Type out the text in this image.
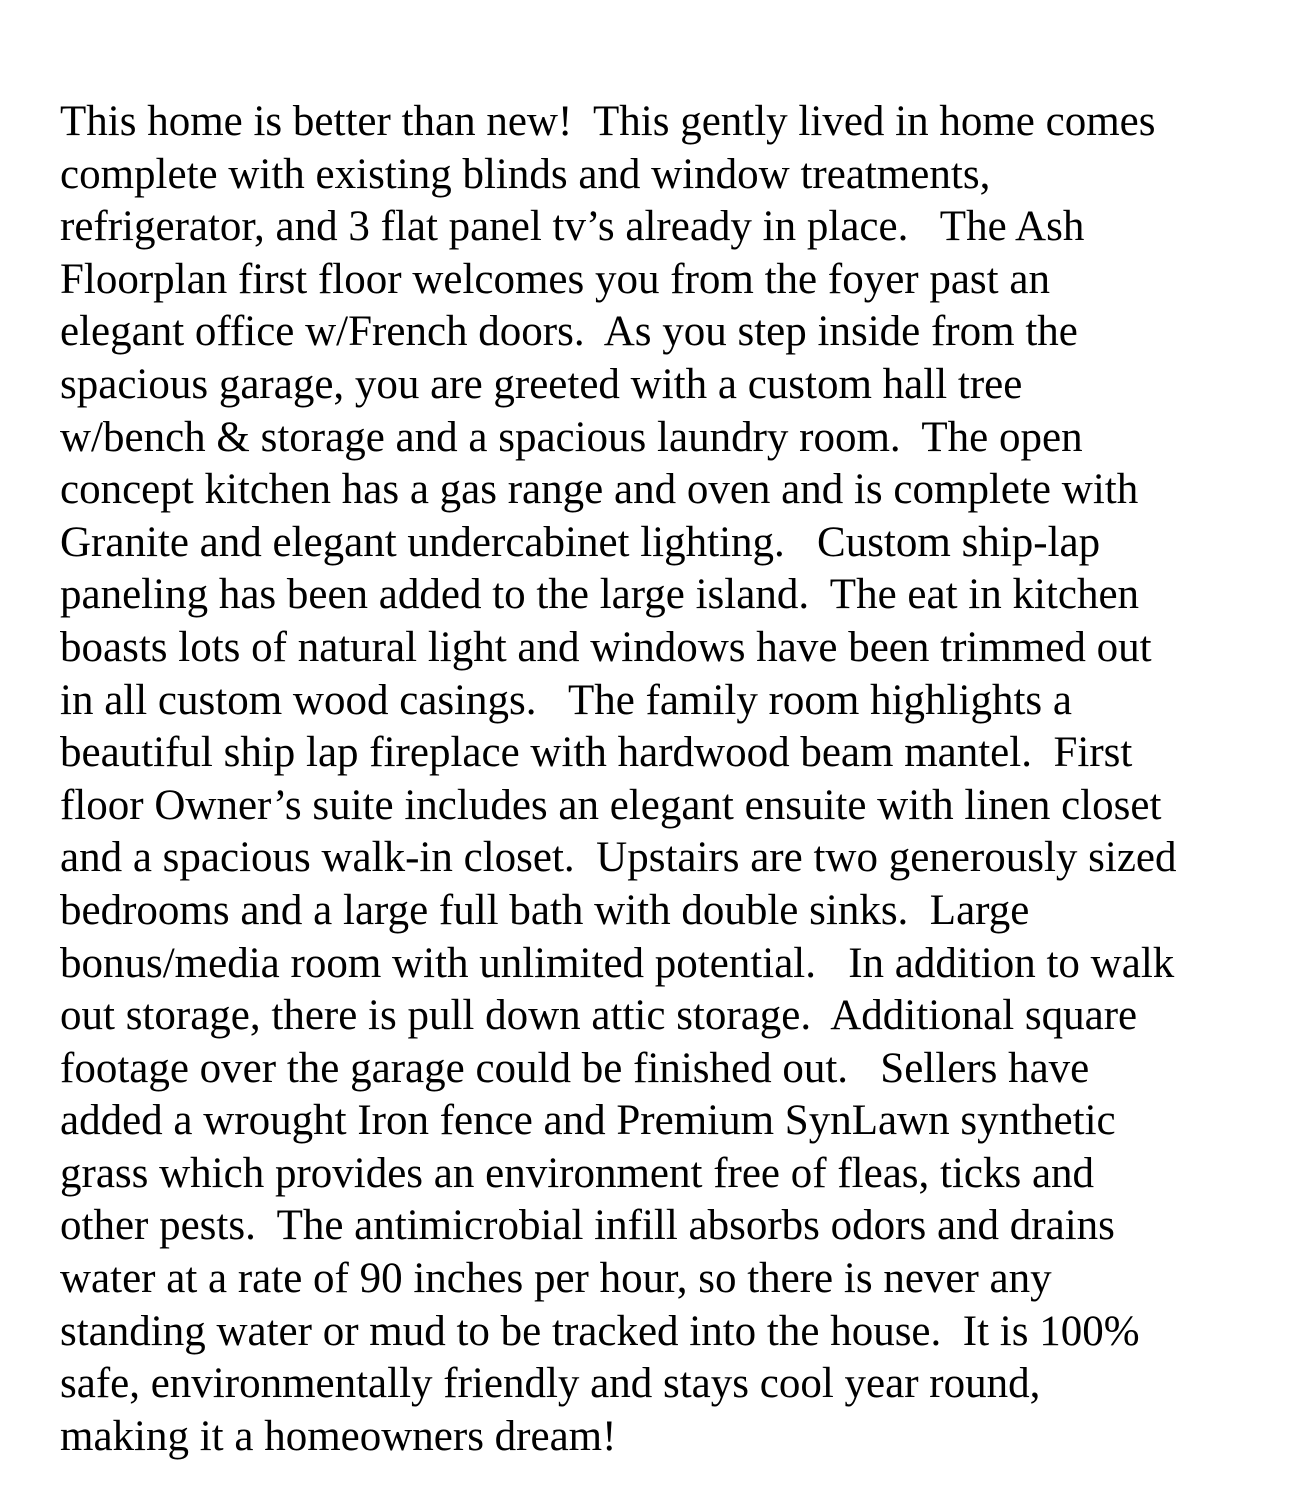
This home is better than new!  This gently lived in home comes
complete with existing blinds and window treatments,
refrigerator, and 3 flat panel tv’s already in place.   The Ash
Floorplan first floor welcomes you from the foyer past an
elegant office w/French doors.  As you step inside from the
spacious garage, you are greeted with a custom hall tree
w/bench & storage and a spacious laundry room.  The open
concept kitchen has a gas range and oven and is complete with
Granite and elegant undercabinet lighting.   Custom ship-lap
paneling has been added to the large island.  The eat in kitchen
boasts lots of natural light and windows have been trimmed out
in all custom wood casings.   The family room highlights a
beautiful ship lap fireplace with hardwood beam mantel.  First
floor Owner’s suite includes an elegant ensuite with linen closet
and a spacious walk-in closet.  Upstairs are two generously sized
bedrooms and a large full bath with double sinks.  Large
bonus/media room with unlimited potential.   In addition to walk
out storage, there is pull down attic storage.  Additional square
footage over the garage could be finished out.   Sellers have
added a wrought Iron fence and Premium SynLawn synthetic
grass which provides an environment free of fleas, ticks and
other pests.  The antimicrobial infill absorbs odors and drains
water at a rate of 90 inches per hour, so there is never any
standing water or mud to be tracked into the house.  It is 100%
safe, environmentally friendly and stays cool year round,
making it a homeowners dream!
